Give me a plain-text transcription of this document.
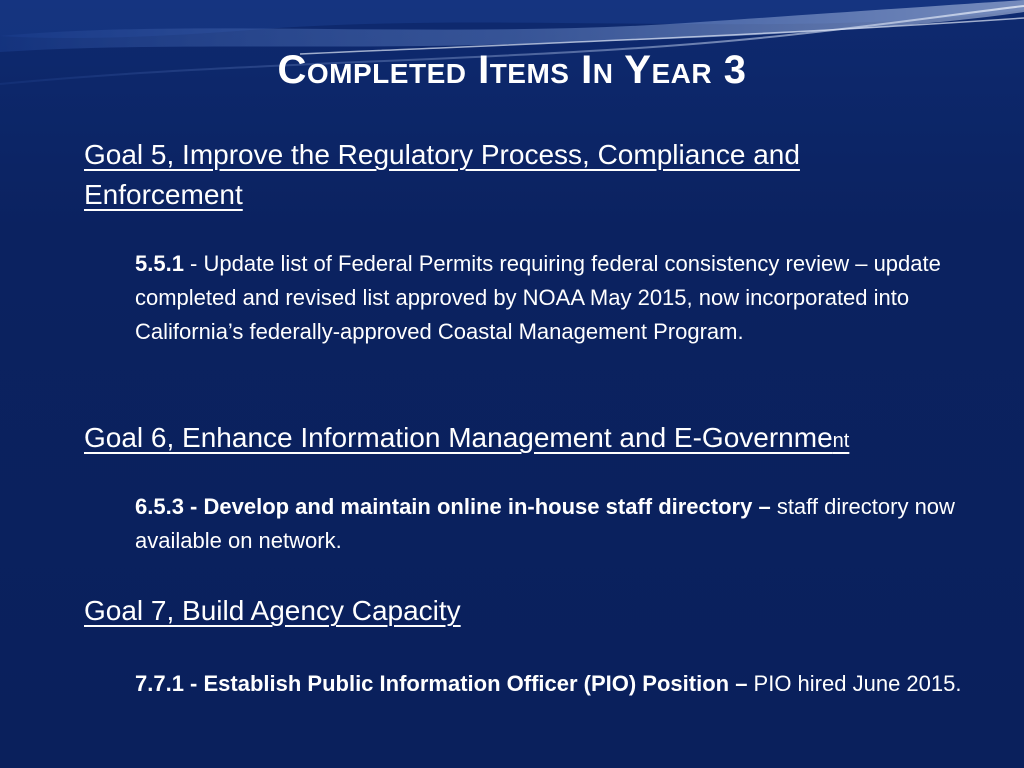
Completed Items In Year 3

Goal 5, Improve the Regulatory Process, Compliance and Enforcement

5.5.1 - Update list of Federal Permits requiring federal consistency review – update completed and revised list approved by NOAA May 2015, now incorporated into California’s federally-approved Coastal Management Program.

Goal 6, Enhance Information Management and E-Government

6.5.3 - Develop and maintain online in-house staff directory – staff directory now available on network.

Goal 7, Build Agency Capacity

7.7.1 - Establish Public Information Officer (PIO) Position – PIO hired June 2015.
